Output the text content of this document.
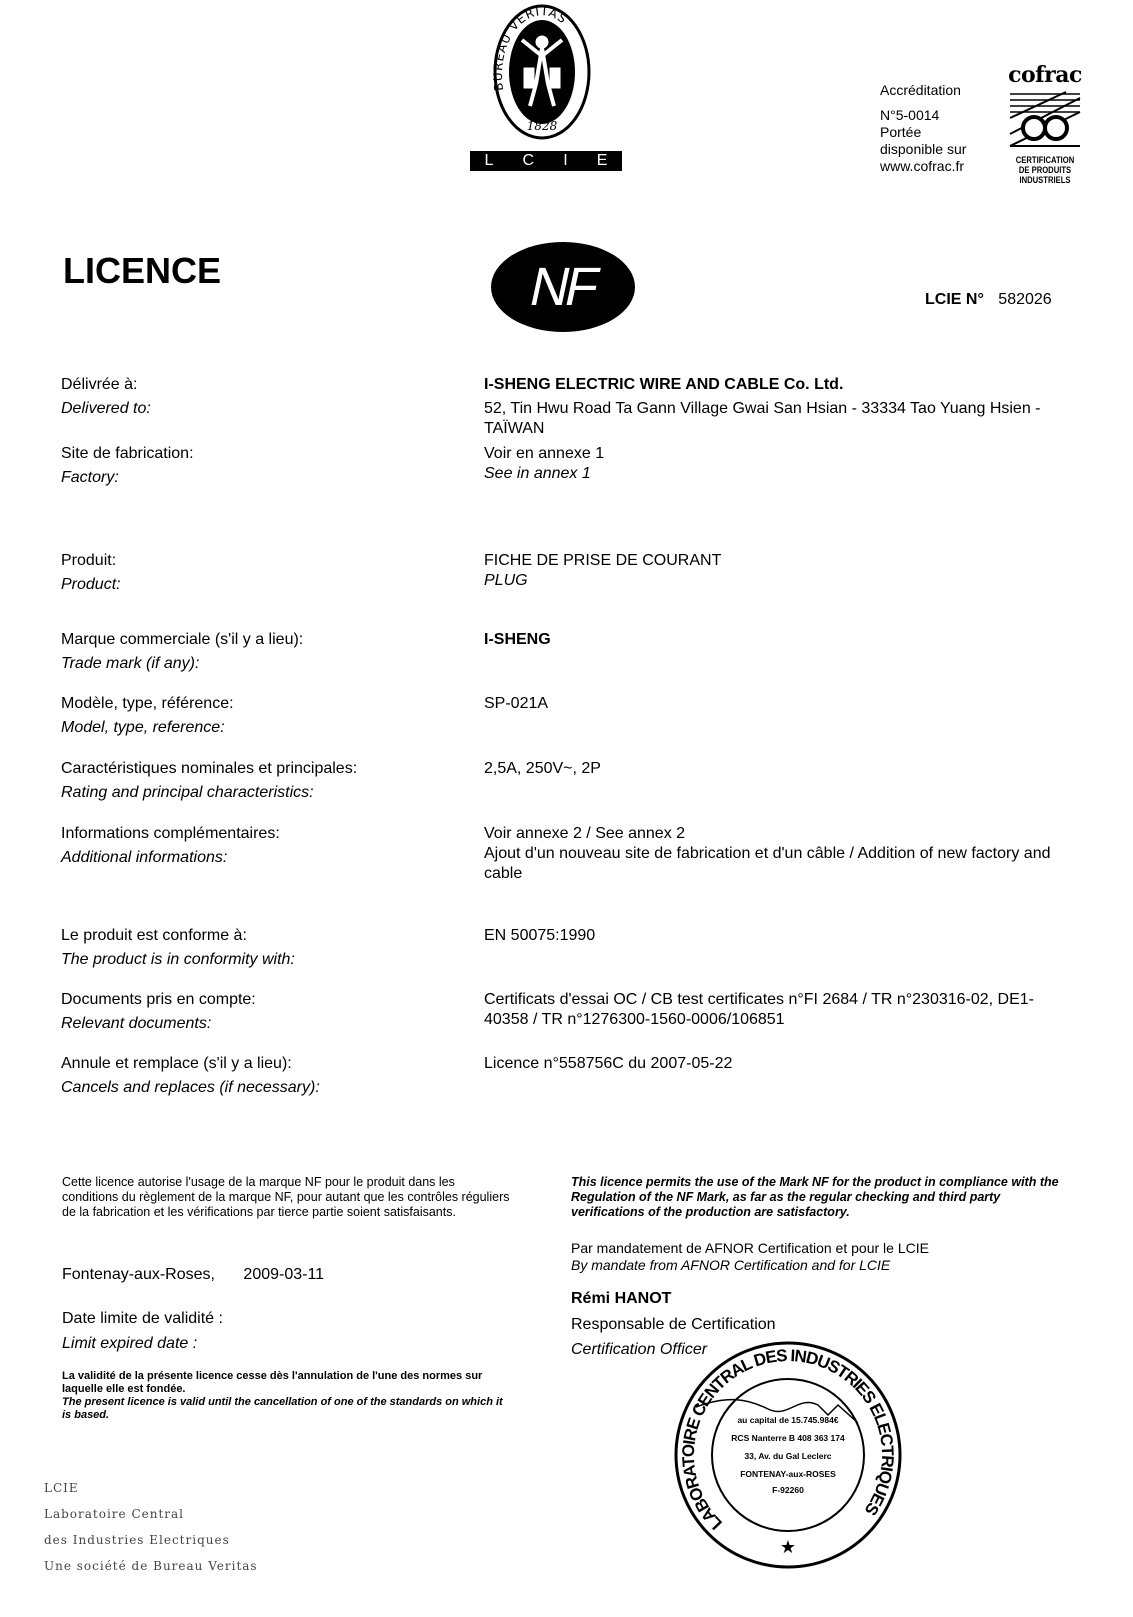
BUREAU VERITAS
1828
L C I E
Accréditation
N°5-0014
Portée
disponible sur
www.cofrac.fr
cofrac
CERTIFICATION
DE PRODUITS
INDUSTRIELS
LICENCE	NF	LCIE N° 582026
Délivrée à:
Delivered to:
I-SHENG ELECTRIC WIRE AND CABLE Co. Ltd.
52, Tin Hwu Road Ta Gann Village Gwai San Hsian - 33334 Tao Yuang Hsien - TAÏWAN
Site de fabrication:
Factory:
Voir en annexe 1
See in annex 1
Produit:
Product:
FICHE DE PRISE DE COURANT
PLUG
Marque commerciale (s'il y a lieu):
Trade mark (if any):
I-SHENG
Modèle, type, référence:
Model, type, reference:
SP-021A
Caractéristiques nominales et principales:
Rating and principal characteristics:
2,5A, 250V~, 2P
Informations complémentaires:
Additional informations:
Voir annexe 2 / See annex 2
Ajout d'un nouveau site de fabrication et d'un câble / Addition of new factory and cable
Le produit est conforme à:
The product is in conformity with:
EN 50075:1990
Documents pris en compte:
Relevant documents:
Certificats d'essai OC / CB test certificates n°FI 2684 / TR n°230316-02, DE1-40358 / TR n°1276300-1560-0006/106851
Annule et remplace (s'il y a lieu):
Cancels and replaces (if necessary):
Licence n°558756C du 2007-05-22
Cette licence autorise l'usage de la marque NF pour le produit dans les conditions du règlement de la marque NF, pour autant que les contrôles réguliers de la fabrication et les vérifications par tierce partie soient satisfaisants.
Fontenay-aux-Roses, 2009-03-11
Date limite de validité :
Limit expired date :
La validité de la présente licence cesse dès l'annulation de l'une des normes sur laquelle elle est fondée.
The present licence is valid until the cancellation of one of the standards on which it is based.
This licence permits the use of the Mark NF for the product in compliance with the Regulation of the NF Mark, as far as the regular checking and third party verifications of the production are satisfactory.
Par mandatement de AFNOR Certification et pour le LCIE
By mandate from AFNOR Certification and for LCIE
Rémi HANOT
Responsable de Certification
Certification Officer
LABORATOIRE CENTRAL DES INDUSTRIES ELECTRIQUES
au capital de 15.745.984€
RCS Nanterre B 408 363 174
33, Av. du Gal Leclerc
FONTENAY-aux-ROSES
F-92260
★
LCIE
Laboratoire Central
des Industries Electriques
Une société de Bureau Veritas
